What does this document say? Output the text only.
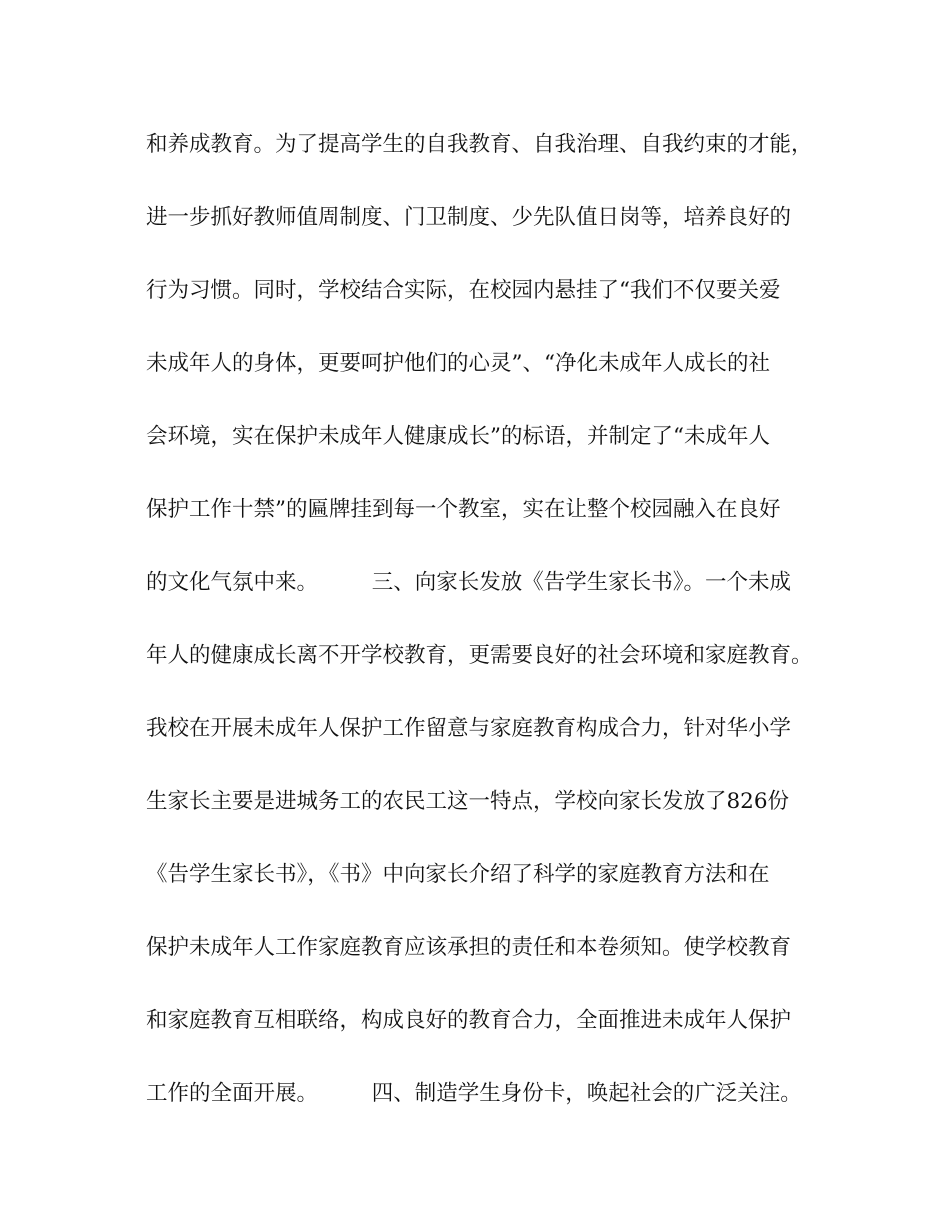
和养成教育。为了提高学生的自我教育、自我治理、自我约束的才能，
进一步抓好教师值周制度、门卫制度、少先队值日岗等，培养良好的
行为习惯。同时，学校结合实际，在校园内悬挂了“我们不仅要关爱
未成年人的身体，更要呵护他们的心灵”、“净化未成年人成长的社
会环境，实在保护未成年人健康成长”的标语，并制定了“未成年人
保护工作十禁”的匾牌挂到每一个教室，实在让整个校园融入在良好
的文化气氛中来。　　　三、向家长发放《告学生家长书》。一个未成
年人的健康成长离不开学校教育，更需要良好的社会环境和家庭教育。
我校在开展未成年人保护工作留意与家庭教育构成合力，针对华小学
生家长主要是进城务工的农民工这一特点，学校向家长发放了826份
《告学生家长书》，《书》中向家长介绍了科学的家庭教育方法和在
保护未成年人工作家庭教育应该承担的责任和本卷须知。使学校教育
和家庭教育互相联络，构成良好的教育合力，全面推进未成年人保护
工作的全面开展。　　　四、制造学生身份卡，唤起社会的广泛关注。
